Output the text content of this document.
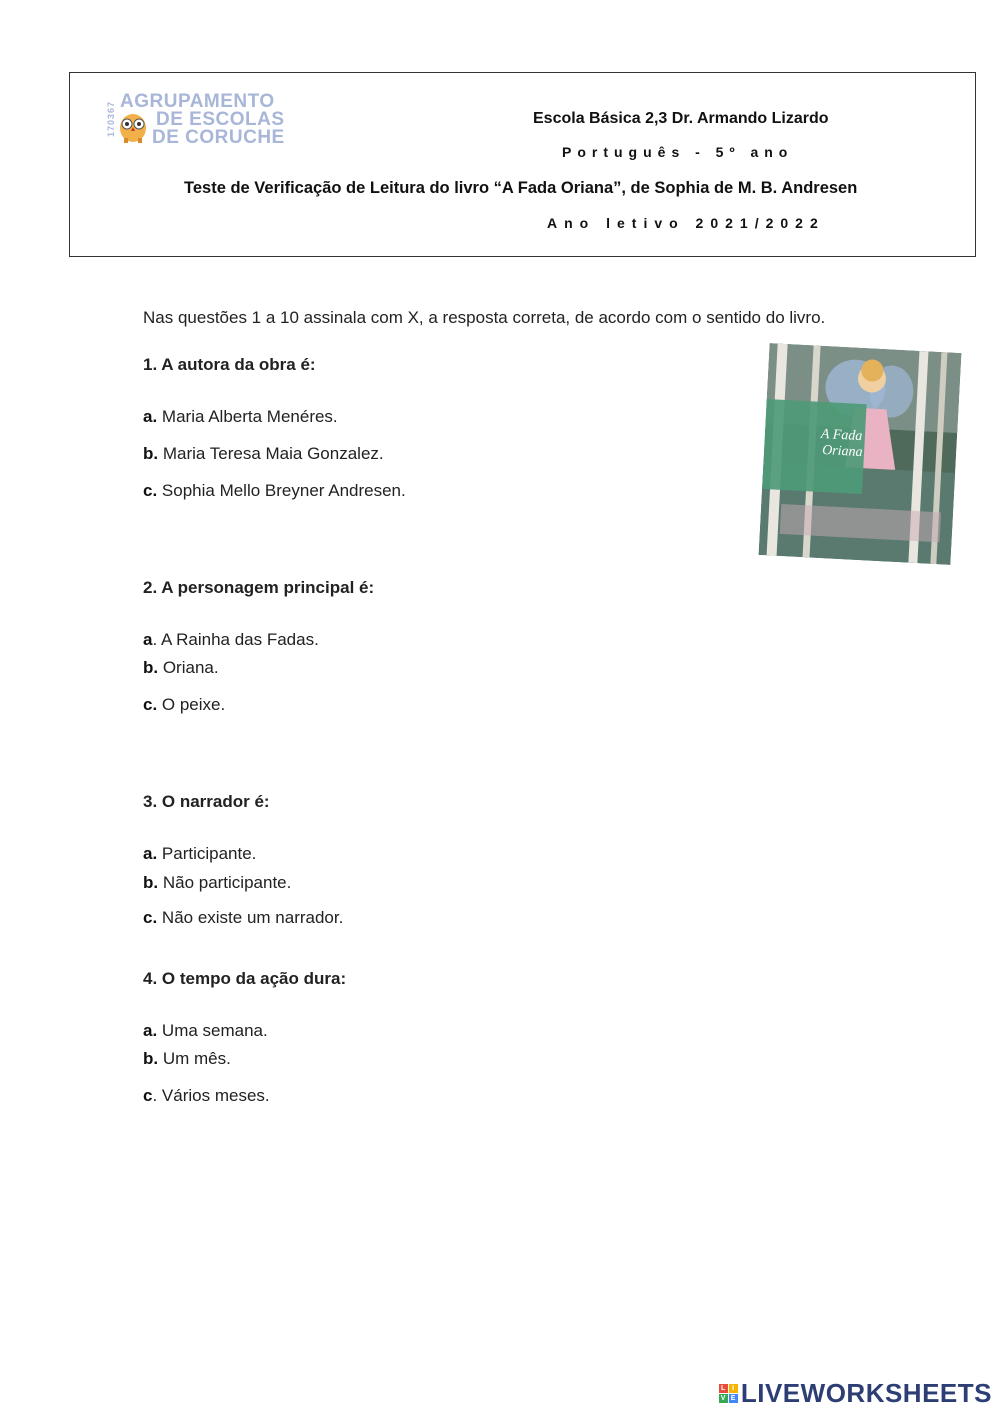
170367 AGRUPAMENTO
DE ESCOLAS
DE CORUCHE
Escola Básica 2,3 Dr. Armando Lizardo
Português - 5º ano
Teste de Verificação de Leitura do livro “A Fada Oriana”, de Sophia de M. B. Andresen
Ano letivo 2021/2022
Nas questões 1 a 10 assinala com X, a resposta correta, de acordo com o sentido do livro.
1. A autora da obra é:
a. Maria Alberta Menéres.
b. Maria Teresa Maia Gonzalez.
c. Sophia Mello Breyner Andresen.
A Fada
Oriana
2. A personagem principal é:
a. A Rainha das Fadas.
b. Oriana.
c. O peixe.
3. O narrador é:
a. Participante.
b. Não participante.
c. Não existe um narrador.
4. O tempo da ação dura:
a. Uma semana.
b. Um mês.
c. Vários meses.
L I
V E LIVEWORKSHEETS
